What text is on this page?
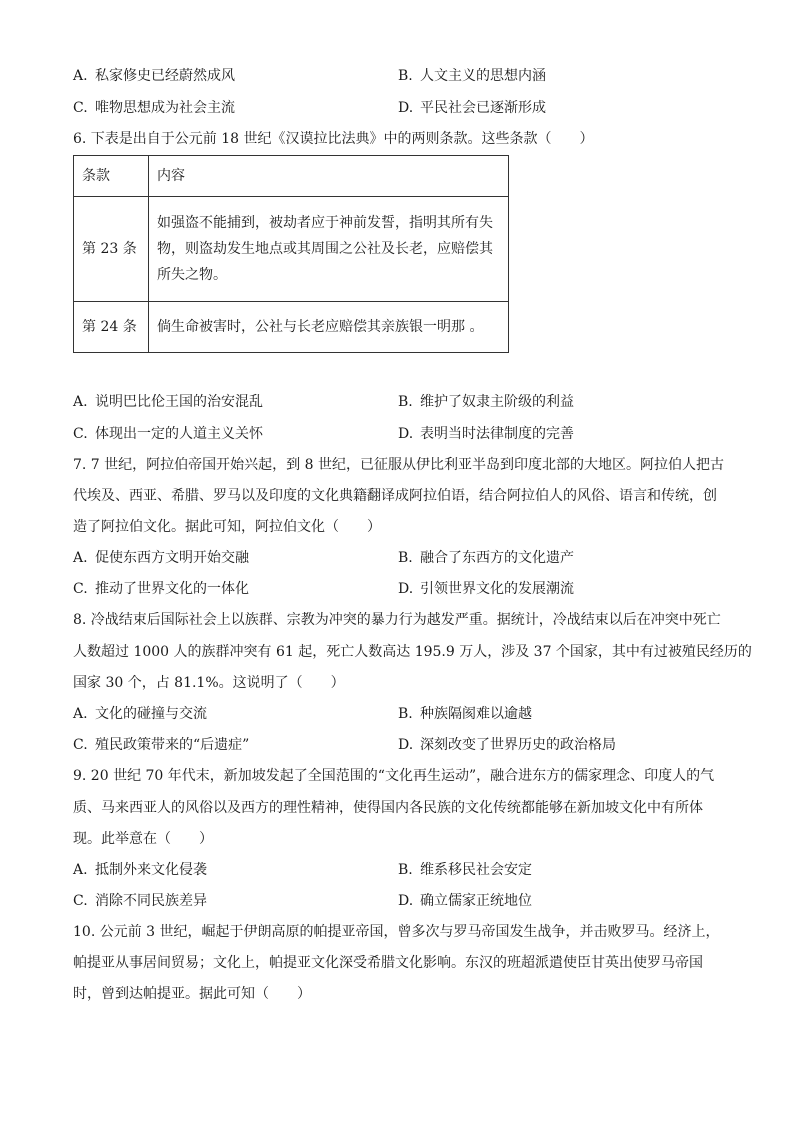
A. 私家修史已经蔚然成风	B. 人文主义的思想内涵
C. 唯物思想成为社会主流	D. 平民社会已逐渐形成
6. 下表是出自于公元前 18 世纪《汉谟拉比法典》中的两则条款。这些条款（　　）
条款	内容
第 23 条	如强盗不能捕到，被劫者应于神前发誓，指明其所有失
物，则盗劫发生地点或其周围之公社及长老，应赔偿其
所失之物。

第 24 条	倘生命被害时，公社与长老应赔偿其亲族银一明那 。
A. 说明巴比伦王国的治安混乱	B. 维护了奴隶主阶级的利益
C. 体现出一定的人道主义关怀	D. 表明当时法律制度的完善
7. 7 世纪，阿拉伯帝国开始兴起，到 8 世纪，已征服从伊比利亚半岛到印度北部的大地区。阿拉伯人把古
代埃及、西亚、希腊、罗马以及印度的文化典籍翻译成阿拉伯语，结合阿拉伯人的风俗、语言和传统，创
造了阿拉伯文化。据此可知，阿拉伯文化（　　）
A. 促使东西方文明开始交融	B. 融合了东西方的文化遗产
C. 推动了世界文化的一体化	D. 引领世界文化的发展潮流
8. 冷战结束后国际社会上以族群、宗教为冲突的暴力行为越发严重。据统计，冷战结束以后在冲突中死亡
人数超过 1000 人的族群冲突有 61 起，死亡人数高达 195.9 万人，涉及 37 个国家，其中有过被殖民经历的
国家 30 个，占 81.1%。这说明了（　　）
A. 文化的碰撞与交流	B. 种族隔阂难以逾越
C. 殖民政策带来的“后遗症”	D. 深刻改变了世界历史的政治格局
9. 20 世纪 70 年代末，新加坡发起了全国范围的“文化再生运动”，融合进东方的儒家理念、印度人的气
质、马来西亚人的风俗以及西方的理性精神，使得国内各民族的文化传统都能够在新加坡文化中有所体
现。此举意在（　　）
A. 抵制外来文化侵袭	B. 维系移民社会安定
C. 消除不同民族差异	D. 确立儒家正统地位
10. 公元前 3 世纪，崛起于伊朗高原的帕提亚帝国，曾多次与罗马帝国发生战争，并击败罗马。经济上，
帕提亚从事居间贸易；文化上，帕提亚文化深受希腊文化影响。东汉的班超派遣使臣甘英出使罗马帝国
时，曾到达帕提亚。据此可知（　　）
